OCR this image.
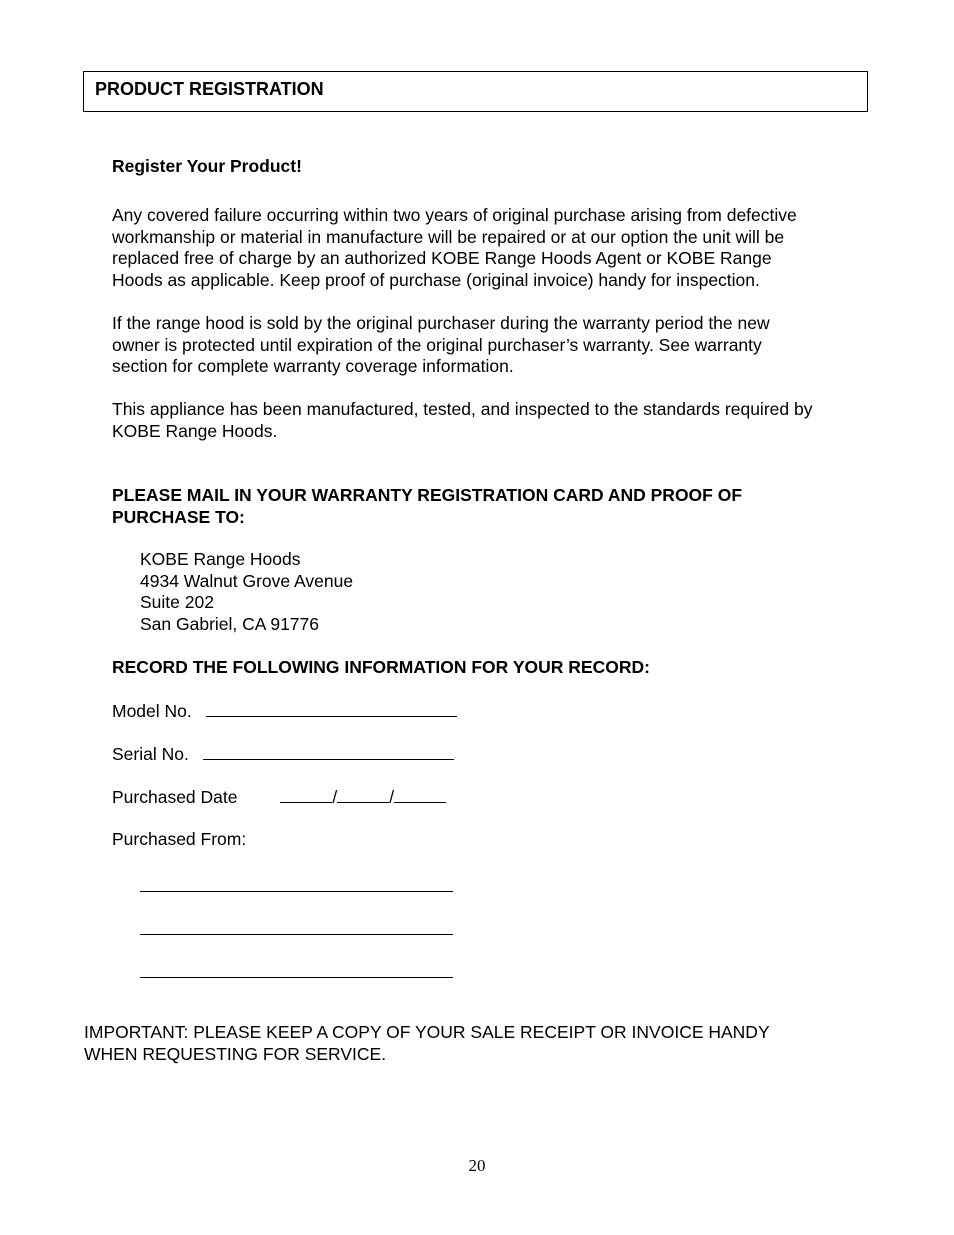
PRODUCT REGISTRATION
Register Your Product!
Any covered failure occurring within two years of original purchase arising from defective
workmanship or material in manufacture will be repaired or at our option the unit will be
replaced free of charge by an authorized KOBE Range Hoods Agent or KOBE Range
Hoods as applicable. Keep proof of purchase (original invoice) handy for inspection.
If the range hood is sold by the original purchaser during the warranty period the new
owner is protected until expiration of the original purchaser’s warranty. See warranty
section for complete warranty coverage information.
This appliance has been manufactured, tested, and inspected to the standards required by
KOBE Range Hoods.
PLEASE MAIL IN YOUR WARRANTY REGISTRATION CARD AND PROOF OF
PURCHASE TO:
KOBE Range Hoods
4934 Walnut Grove Avenue
Suite 202
San Gabriel, CA 91776
RECORD THE FOLLOWING INFORMATION FOR YOUR RECORD:
Model No.
Serial No.
Purchased Date	/	/
Purchased From:
IMPORTANT: PLEASE KEEP A COPY OF YOUR SALE RECEIPT OR INVOICE HANDY
WHEN REQUESTING FOR SERVICE.
20
